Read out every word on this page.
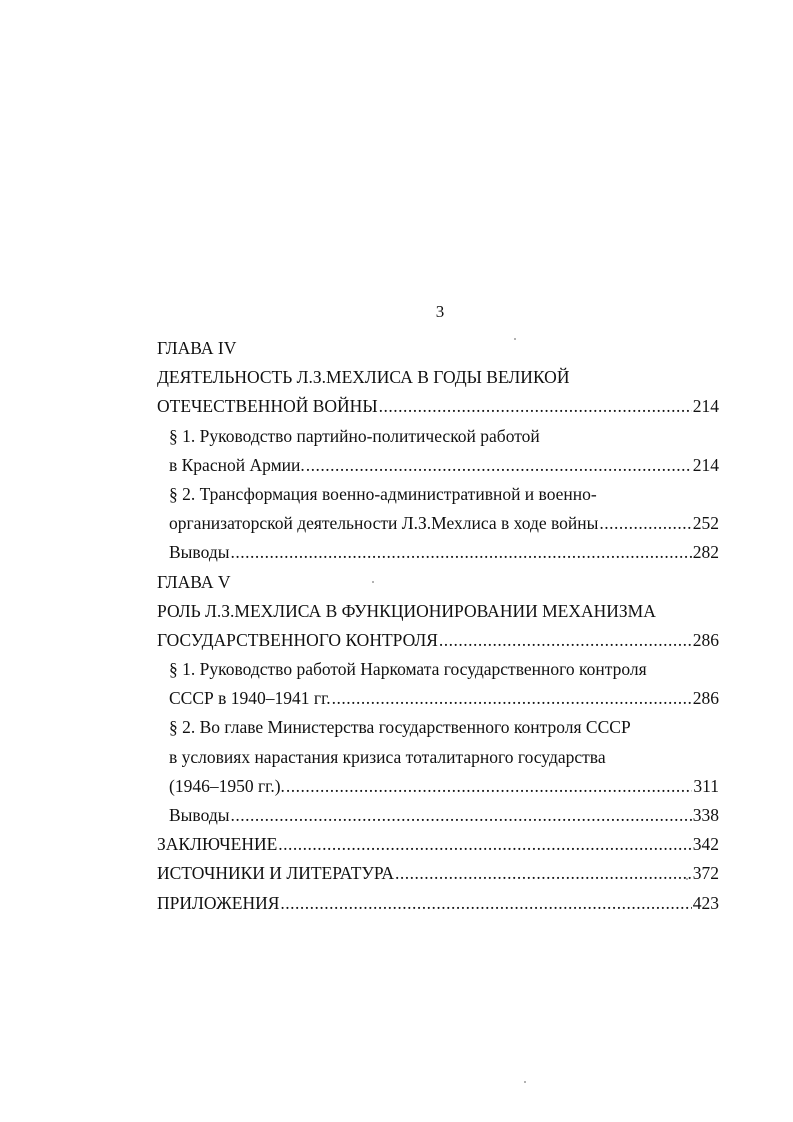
3
ГЛАВА IV
ДЕЯТЕЛЬНОСТЬ Л.З.МЕХЛИСА В ГОДЫ ВЕЛИКОЙ
ОТЕЧЕСТВЕННОЙ ВОЙНЫ .....	214
§ 1. Руководство партийно-политической работой
в Красной Армии. .....	214
§ 2. Трансформация военно-административной и военно-
организаторской деятельности Л.З.Мехлиса в ходе войны .....	252
Выводы .....	282
ГЛАВА V
РОЛЬ Л.З.МЕХЛИСА В ФУНКЦИОНИРОВАНИИ МЕХАНИЗМА
ГОСУДАРСТВЕННОГО КОНТРОЛЯ .....	286
§ 1. Руководство работой Наркомата государственного контроля
СССР в 1940–1941 гг. .....	286
§ 2. Во главе Министерства государственного контроля СССР
в условиях нарастания кризиса тоталитарного государства
(1946–1950 гг.). .....	311
Выводы .....	338
ЗАКЛЮЧЕНИЕ .....	342
ИСТОЧНИКИ И ЛИТЕРАТУРА .....	372
ПРИЛОЖЕНИЯ .....	423
